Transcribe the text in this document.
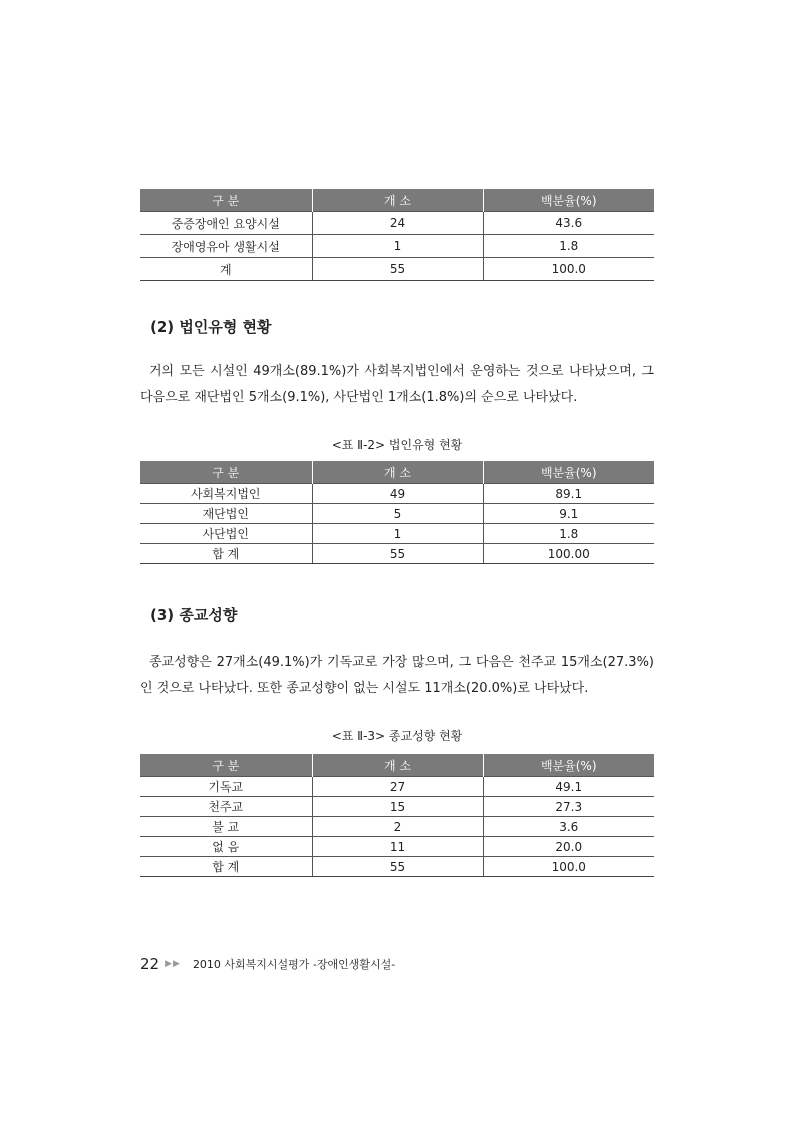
구 분	개 소	백분율(%)
중증장애인 요양시설	24	43.6
장애영유아 생활시설	1	1.8
계	55	100.0
(2) 법인유형 현황

거의 모든 시설인 49개소(89.1%)가 사회복지법인에서 운영하는 것으로 나타났으며, 그 다음으로 재단법인 5개소(9.1%), 사단법인 1개소(1.8%)의 순으로 나타났다.

<표 Ⅱ-2> 법인유형 현황
구 분	개 소	백분율(%)
사회복지법인	49	89.1
재단법인	5	9.1
사단법인	1	1.8
합 계	55	100.00
(3) 종교성향

종교성향은 27개소(49.1%)가 기독교로 가장 많으며, 그 다음은 천주교 15개소(27.3%)인 것으로 나타났다. 또한 종교성향이 없는 시설도 11개소(20.0%)로 나타났다.

<표 Ⅱ-3> 종교성향 현황
구 분	개 소	백분율(%)
기독교	27	49.1
천주교	15	27.3
불 교	2	3.6
없 음	11	20.0
합 계	55	100.0
22 ▶▶ 2010 사회복지시설평가 -장애인생활시설-
